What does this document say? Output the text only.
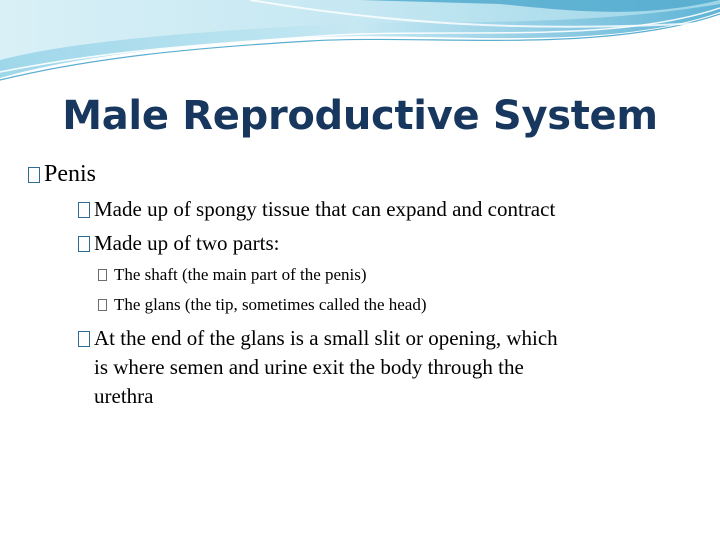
Male Reproductive System
Penis
Made up of spongy tissue that can expand and contract
Made up of two parts:
The shaft (the main part of the penis)
The glans (the tip, sometimes called the head)
At the end of the glans is a small slit or opening, which
is where semen and urine exit the body through the
urethra
